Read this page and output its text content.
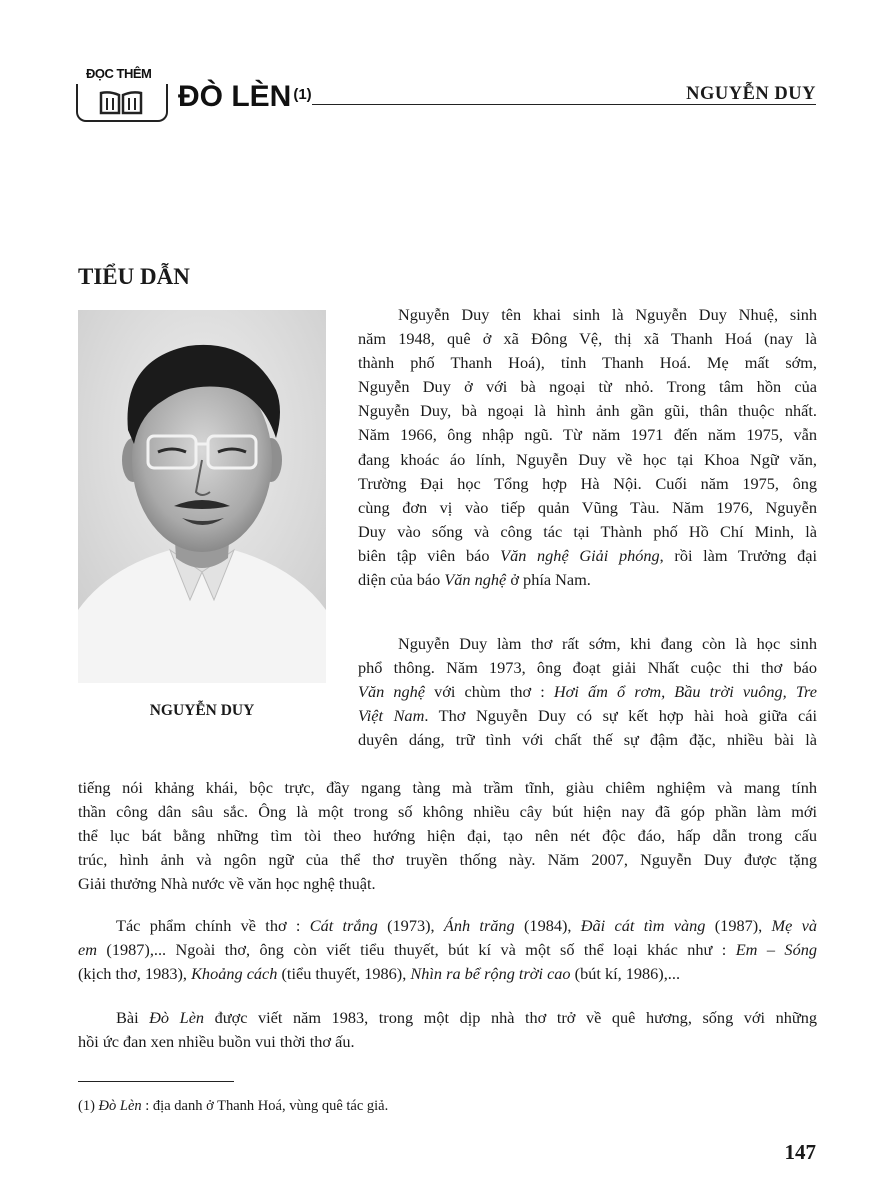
ĐỌC THÊM
ĐÒ LÈN $^{(1)}$	NGUYỄN DUY
TIỂU DẪN
NGUYỄN DUY
Nguyễn Duy tên khai sinh là Nguyễn Duy Nhuệ, sinh
năm 1948, quê ở xã Đông Vệ, thị xã Thanh Hoá (nay là
thành phố Thanh Hoá), tỉnh Thanh Hoá. Mẹ mất sớm,
Nguyễn Duy ở với bà ngoại từ nhỏ. Trong tâm hồn của
Nguyễn Duy, bà ngoại là hình ảnh gần gũi, thân thuộc nhất.
Năm 1966, ông nhập ngũ. Từ năm 1971 đến năm 1975, vẫn
đang khoác áo lính, Nguyễn Duy về học tại Khoa Ngữ văn,
Trường Đại học Tổng hợp Hà Nội. Cuối năm 1975, ông
cùng đơn vị vào tiếp quản Vũng Tàu. Năm 1976, Nguyễn
Duy vào sống và công tác tại Thành phố Hồ Chí Minh, là
biên tập viên báo Văn nghệ Giải phóng, rồi làm Trưởng đại
diện của báo Văn nghệ ở phía Nam.
Nguyễn Duy làm thơ rất sớm, khi đang còn là học sinh
phổ thông. Năm 1973, ông đoạt giải Nhất cuộc thi thơ báo
Văn nghệ với chùm thơ : Hơi ấm ổ rơm, Bầu trời vuông, Tre
Việt Nam. Thơ Nguyễn Duy có sự kết hợp hài hoà giữa cái
duyên dáng, trữ tình với chất thế sự đậm đặc, nhiều bài là
tiếng nói khảng khái, bộc trực, đầy ngang tàng mà trầm tĩnh, giàu chiêm nghiệm và mang tính
thần công dân sâu sắc. Ông là một trong số không nhiều cây bút hiện nay đã góp phần làm mới
thể lục bát bằng những tìm tòi theo hướng hiện đại, tạo nên nét độc đáo, hấp dẫn trong cấu
trúc, hình ảnh và ngôn ngữ của thể thơ truyền thống này. Năm 2007, Nguyễn Duy được tặng
Giải thưởng Nhà nước về văn học nghệ thuật.
Tác phẩm chính về thơ : Cát trắng (1973), Ánh trăng (1984), Đãi cát tìm vàng (1987), Mẹ và
em (1987),... Ngoài thơ, ông còn viết tiểu thuyết, bút kí và một số thể loại khác như : Em – Sóng
(kịch thơ, 1983), Khoảng cách (tiểu thuyết, 1986), Nhìn ra bể rộng trời cao (bút kí, 1986),...
Bài Đò Lèn được viết năm 1983, trong một dịp nhà thơ trở về quê hương, sống với những
hồi ức đan xen nhiều buồn vui thời thơ ấu.
(1) Đò Lèn : địa danh ở Thanh Hoá, vùng quê tác giả.
147
